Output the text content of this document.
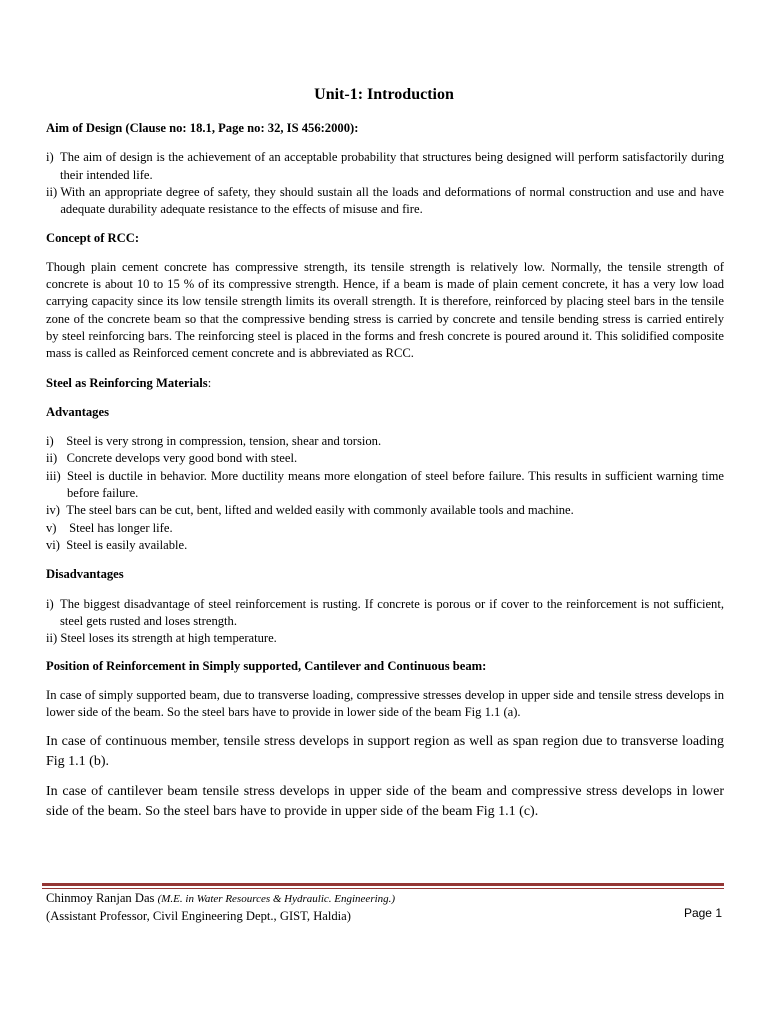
Unit-1: Introduction

Aim of Design (Clause no: 18.1, Page no: 32, IS 456:2000):

i) The aim of design is the achievement of an acceptable probability that structures being designed will perform satisfactorily during their intended life.
ii) With an appropriate degree of safety, they should sustain all the loads and deformations of normal construction and use and have adequate durability adequate resistance to the effects of misuse and fire.

Concept of RCC:

Though plain cement concrete has compressive strength, its tensile strength is relatively low. Normally, the tensile strength of concrete is about 10 to 15 % of its compressive strength. Hence, if a beam is made of plain cement concrete, it has a very low load carrying capacity since its low tensile strength limits its overall strength. It is therefore, reinforced by placing steel bars in the tensile zone of the concrete beam so that the compressive bending stress is carried by concrete and tensile bending stress is carried entirely by steel reinforcing bars. The reinforcing steel is placed in the forms and fresh concrete is poured around it. This solidified composite mass is called as Reinforced cement concrete and is abbreviated as RCC.

Steel as Reinforcing Materials:

Advantages

i) Steel is very strong in compression, tension, shear and torsion.
ii) Concrete develops very good bond with steel.
iii) Steel is ductile in behavior. More ductility means more elongation of steel before failure. This results in sufficient warning time before failure.
iv) The steel bars can be cut, bent, lifted and welded easily with commonly available tools and machine.
v) Steel has longer life.
vi) Steel is easily available.

Disadvantages

i) The biggest disadvantage of steel reinforcement is rusting. If concrete is porous or if cover to the reinforcement is not sufficient, steel gets rusted and loses strength.
ii) Steel loses its strength at high temperature.

Position of Reinforcement in Simply supported, Cantilever and Continuous beam:

In case of simply supported beam, due to transverse loading, compressive stresses develop in upper side and tensile stress develops in lower side of the beam. So the steel bars have to provide in lower side of the beam Fig 1.1 (a).

In case of continuous member, tensile stress develops in support region as well as span region due to transverse loading Fig 1.1 (b).

In case of cantilever beam tensile stress develops in upper side of the beam and compressive stress develops in lower side of the beam. So the steel bars have to provide in upper side of the beam Fig 1.1 (c).

Chinmoy Ranjan Das (M.E. in Water Resources & Hydraulic. Engineering.)
(Assistant Professor, Civil Engineering Dept., GIST, Haldia)	Page 1
